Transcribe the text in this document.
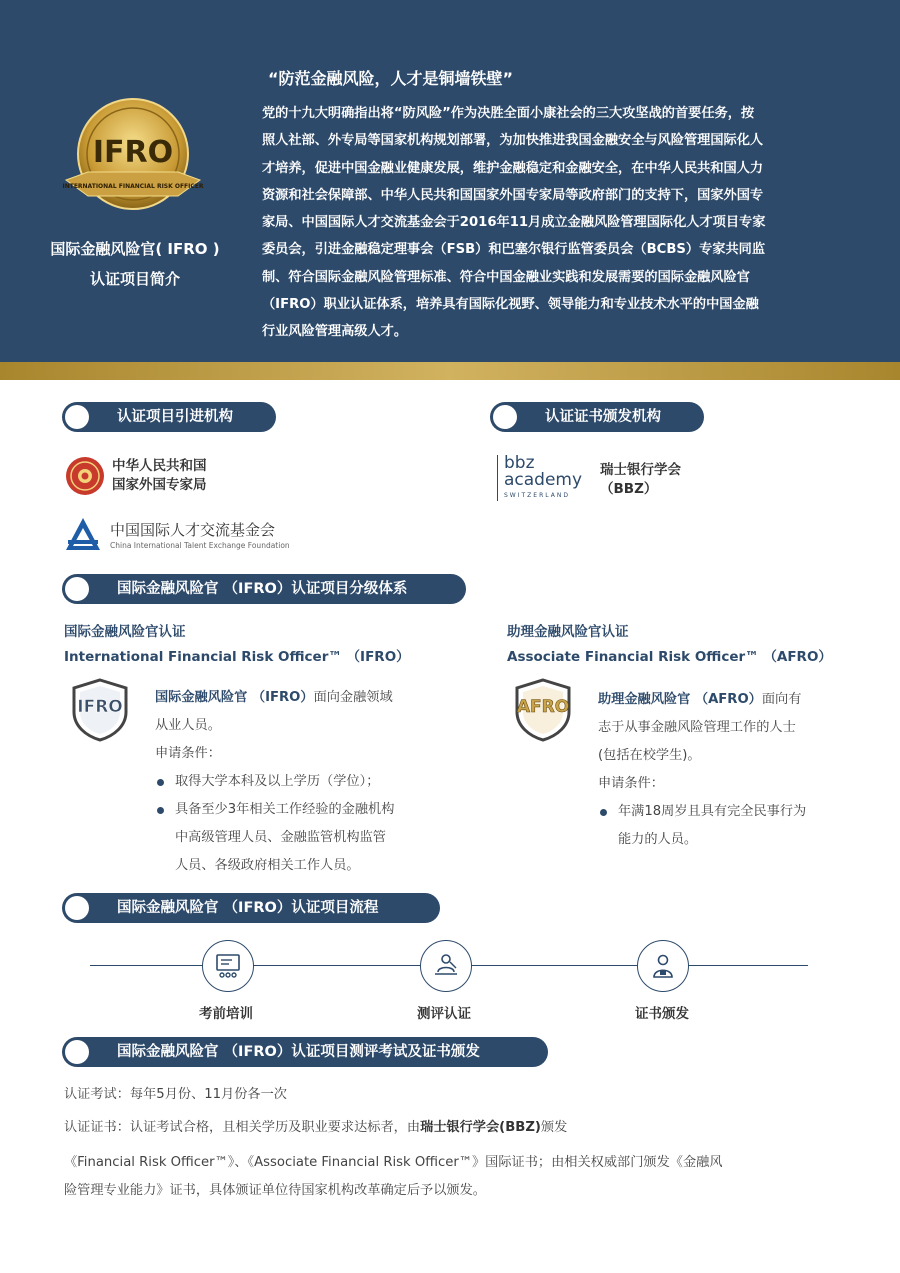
IFRO
INTERNATIONAL FINANCIAL RISK OFFICER
国际金融风险官( IFRO )
认证项目简介
“防范金融风险，人才是铜墙铁壁”
党的十九大明确指出将“防风险”作为决胜全面小康社会的三大攻坚战的首要任务，按
照人社部、外专局等国家机构规划部署，为加快推进我国金融安全与风险管理国际化人
才培养，促进中国金融业健康发展，维护金融稳定和金融安全，在中华人民共和国人力
资源和社会保障部、中华人民共和国国家外国专家局等政府部门的支持下，国家外国专
家局、中国国际人才交流基金会于2016年11月成立金融风险管理国际化人才项目专家
委员会，引进金融稳定理事会（FSB）和巴塞尔银行监管委员会（BCBS）专家共同监
制、符合国际金融风险管理标准、符合中国金融业实践和发展需要的国际金融风险官
（IFRO）职业认证体系，培养具有国际化视野、领导能力和专业技术水平的中国金融
行业风险管理高级人才。
认证项目引进机构	认证证书颁发机构
中华人民共和国
国家外国专家局
中国国际人才交流基金会
China International Talent Exchange Foundation
bbz
academy
SWITZERLAND
瑞士银行学会
（BBZ）
国际金融风险官 （IFRO）认证项目分级体系
国际金融风险官认证
International Financial Risk Officer™ （IFRO）
IFRO 国际金融风险官 （IFRO）面向金融领域
从业人员。
申请条件：
取得大学本科及以上学历（学位）；
具备至少3年相关工作经验的金融机构
中高级管理人员、金融监管机构监管
人员、各级政府相关工作人员。
助理金融风险官认证
Associate Financial Risk Officer™ （AFRO）
AFRO 助理金融风险官 （AFRO）面向有
志于从事金融风险管理工作的人士
(包括在校学生)。
申请条件：
年满18周岁且具有完全民事行为
能力的人员。
国际金融风险官 （IFRO）认证项目流程
考前培训	测评认证	证书颁发
国际金融风险官 （IFRO）认证项目测评考试及证书颁发
认证考试：每年5月份、11月份各一次
认证证书：认证考试合格，且相关学历及职业要求达标者，由瑞士银行学会(BBZ)颁发
《Financial Risk Officer™》、《Associate Financial Risk Officer™》国际证书；由相关权威部门颁发《金融风
险管理专业能力》证书，具体颁证单位待国家机构改革确定后予以颁发。
